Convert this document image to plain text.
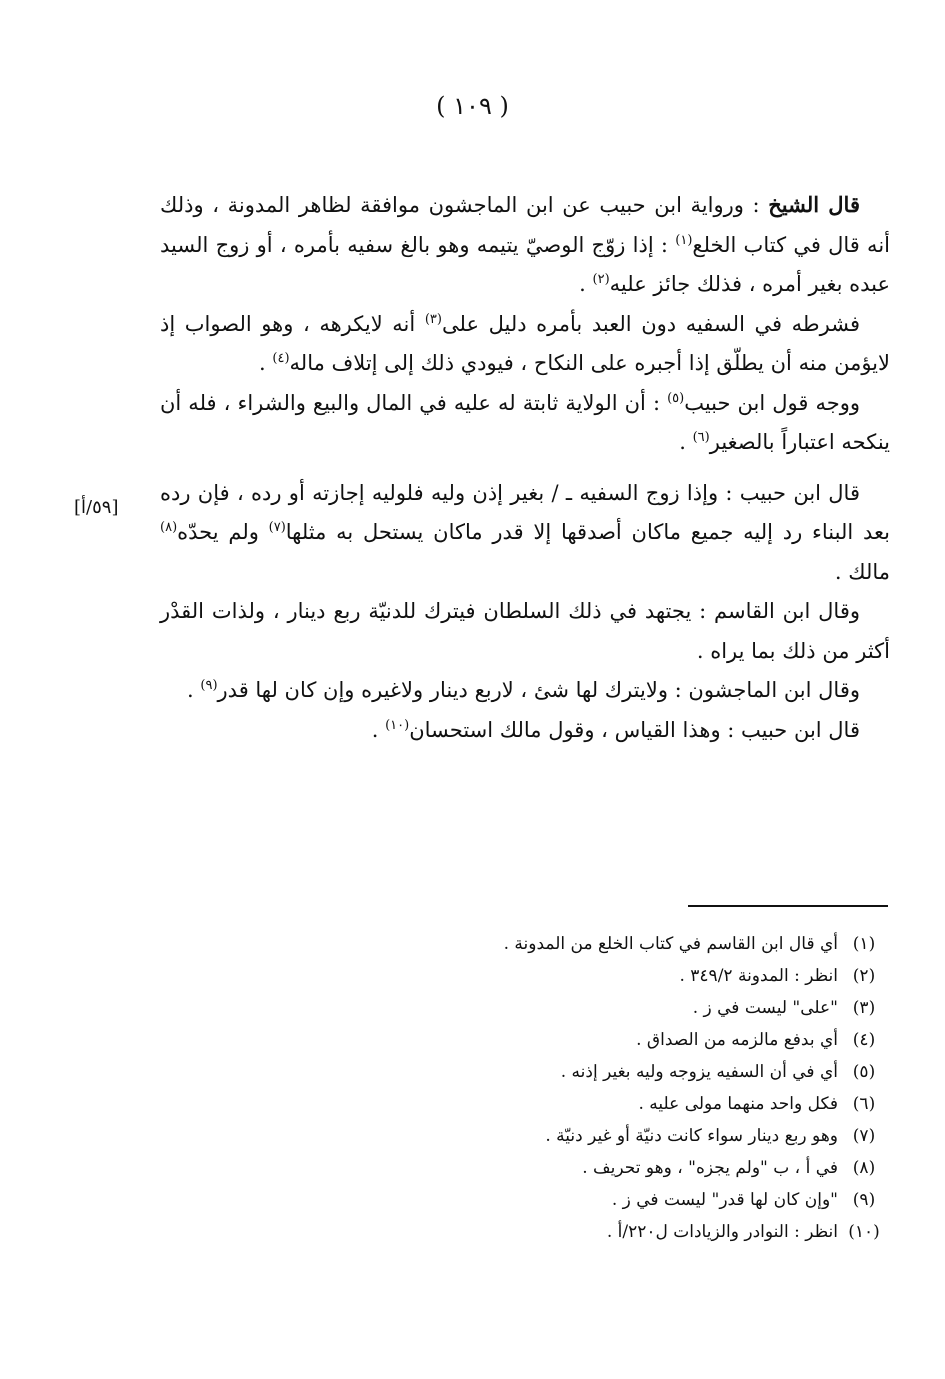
( ١٠٩ )
[٥٩/أ]

قال الشيخ : ورواية ابن حبيب عن ابن الماجشون موافقة لظاهر المدونة ، وذلك أنه قال في كتاب الخلع$^{(١)}$ : إذا زوّج الوصيّ يتيمه وهو بالغ سفيه بأمره ، أو زوج السيد عبده بغير أمره ، فذلك جائز عليه$^{(٢)}$ .

فشرطه في السفيه دون العبد بأمره دليل على$^{(٣)}$ أنه لايكرهه ، وهو الصواب إذ لايؤمن منه أن يطلّق إذا أجبره على النكاح ، فيودي ذلك إلى إتلاف ماله$^{(٤)}$ .

ووجه قول ابن حبيب$^{(٥)}$ : أن الولاية ثابتة له عليه في المال والبيع والشراء ، فله أن ينكحه اعتباراً بالصغير$^{(٦)}$ .

قال ابن حبيب : وإذا زوج السفيه ـ / بغير إذن وليه فلوليه إجازته أو رده ، فإن رده بعد البناء رد إليه جميع ماكان أصدقها إلا قدر ماكان يستحل به مثلها$^{(٧)}$ ولم يحدّه$^{(٨)}$ مالك .

وقال ابن القاسم : يجتهد في ذلك السلطان فيترك للدنيّة ربع دينار ، ولذات القدْر أكثر من ذلك بما يراه .

وقال ابن الماجشون : ولايترك لها شئ ، لاربع دينار ولاغيره وإن كان لها قدر$^{(٩)}$ .

قال ابن حبيب : وهذا القياس ، وقول مالك استحسان$^{(١٠)}$ .

(١)
أي قال ابن القاسم في كتاب الخلع من المدونة .
(٢)
انظر : المدونة ٣٤٩/٢ .
(٣)
"على" ليست في ز .
(٤)
أي بدفع مالزمه من الصداق .
(٥)
أي في أن السفيه يزوجه وليه بغير إذنه .
(٦)
فكل واحد منهما مولى عليه .
(٧)
وهو ربع دينار سواء كانت دنيّة أو غير دنيّة .
(٨)
في أ ، ب "ولم يجزه" ، وهو تحريف .
(٩)
"وإن كان لها قدر" ليست في ز .
(١٠)
انظر : النوادر والزيادات ل٢٢٠/أ .
